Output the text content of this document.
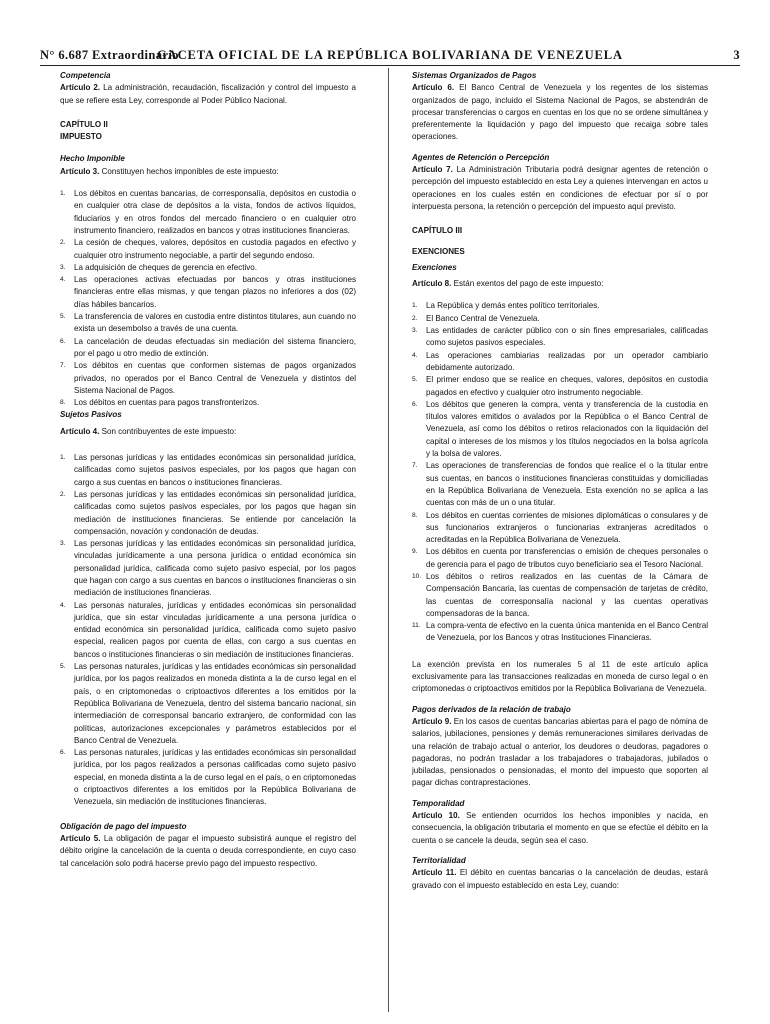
N° 6.687 Extraordinario
GACETA OFICIAL DE LA REPÚBLICA BOLIVARIANA DE VENEZUELA	3

Competencia

Artículo 2. La administración, recaudación, fiscalización y control del impuesto a que se refiere esta Ley, corresponde al Poder Público Nacional.

CAPÍTULO II

IMPUESTO

Hecho Imponible

Artículo 3. Constituyen hechos imponibles de este impuesto:

1. Los débitos en cuentas bancarias, de corresponsalía, depósitos en custodia o en cualquier otra clase de depósitos a la vista, fondos de activos líquidos, fiduciarios y en otros fondos del mercado financiero o en cualquier otro instrumento financiero, realizados en bancos y otras instituciones financieras.
2. La cesión de cheques, valores, depósitos en custodia pagados en efectivo y cualquier otro instrumento negociable, a partir del segundo endoso.
3. La adquisición de cheques de gerencia en efectivo.
4. Las operaciones activas efectuadas por bancos y otras instituciones financieras entre ellas mismas, y que tengan plazos no inferiores a dos (02) días hábiles bancarios.
5. La transferencia de valores en custodia entre distintos titulares, aun cuando no exista un desembolso a través de una cuenta.
6. La cancelación de deudas efectuadas sin mediación del sistema financiero, por el pago u otro medio de extinción.
7. Los débitos en cuentas que conformen sistemas de pagos organizados privados, no operados por el Banco Central de Venezuela y distintos del Sistema Nacional de Pagos.
8. Los débitos en cuentas para pagos transfronterizos.

Sujetos Pasivos

Artículo 4. Son contribuyentes de este impuesto:

1. Las personas jurídicas y las entidades económicas sin personalidad jurídica, calificadas como sujetos pasivos especiales, por los pagos que hagan con cargo a sus cuentas en bancos o instituciones financieras.
2. Las personas jurídicas y las entidades económicas sin personalidad jurídica, calificadas como sujetos pasivos especiales, por los pagos que hagan sin mediación de instituciones financieras. Se entiende por cancelación la compensación, novación y condonación de deudas.
3. Las personas jurídicas y las entidades económicas sin personalidad jurídica, vinculadas jurídicamente a una persona jurídica o entidad económica sin personalidad jurídica, calificada como sujeto pasivo especial, por los pagos que hagan con cargo a sus cuentas en bancos o instituciones financieras o sin mediación de instituciones financieras.
4. Las personas naturales, jurídicas y entidades económicas sin personalidad jurídica, que sin estar vinculadas jurídicamente a una persona jurídica o entidad económica sin personalidad jurídica, calificada como sujeto pasivo especial, realicen pagos por cuenta de ellas, con cargo a sus cuentas en bancos o instituciones financieras o sin mediación de instituciones financieras.
5. Las personas naturales, jurídicas y las entidades económicas sin personalidad jurídica, por los pagos realizados en moneda distinta a la de curso legal en el país, o en criptomonedas o criptoactivos diferentes a los emitidos por la República Bolivariana de Venezuela, dentro del sistema bancario nacional, sin intermediación de corresponsal bancario extranjero, de conformidad con las políticas, autorizaciones excepcionales y parámetros establecidos por el Banco Central de Venezuela.
6. Las personas naturales, jurídicas y las entidades económicas sin personalidad jurídica, por los pagos realizados a personas calificadas como sujeto pasivo especial, en moneda distinta a la de curso legal en el país, o en criptomonedas o criptoactivos diferentes a los emitidos por la República Bolivariana de Venezuela, sin mediación de instituciones financieras.

Obligación de pago del impuesto

Artículo 5. La obligación de pagar el impuesto subsistirá aunque el registro del débito origine la cancelación de la cuenta o deuda correspondiente, en cuyo caso tal cancelación solo podrá hacerse previo pago del impuesto respectivo.

Sistemas Organizados de Pagos

Artículo 6. El Banco Central de Venezuela y los regentes de los sistemas organizados de pago, incluido el Sistema Nacional de Pagos, se abstendrán de procesar transferencias o cargos en cuentas en los que no se ordene simultánea y preferentemente la liquidación y pago del impuesto que recaiga sobre tales operaciones.

Agentes de Retención o Percepción

Artículo 7. La Administración Tributaria podrá designar agentes de retención o percepción del impuesto establecido en esta Ley a quienes intervengan en actos u operaciones en los cuales estén en condiciones de efectuar por sí o por interpuesta persona, la retención o percepción del impuesto aquí previsto.

CAPÍTULO III

EXENCIONES

Exenciones

Artículo 8. Están exentos del pago de este impuesto:

1. La República y demás entes político territoriales.
2. El Banco Central de Venezuela.
3. Las entidades de carácter público con o sin fines empresariales, calificadas como sujetos pasivos especiales.
4. Las operaciones cambiarias realizadas por un operador cambiario debidamente autorizado.
5. El primer endoso que se realice en cheques, valores, depósitos en custodia pagados en efectivo y cualquier otro instrumento negociable.
6. Los débitos que generen la compra, venta y transferencia de la custodia en títulos valores emitidos o avalados por la República o el Banco Central de Venezuela, así como los débitos o retiros relacionados con la liquidación del capital o intereses de los mismos y los títulos negociados en la bolsa agrícola y la bolsa de valores.
7. Las operaciones de transferencias de fondos que realice el o la titular entre sus cuentas, en bancos o instituciones financieras constituidas y domiciliadas en la República Bolivariana de Venezuela. Esta exención no se aplica a las cuentas con más de un o una titular.
8. Los débitos en cuentas corrientes de misiones diplomáticas o consulares y de sus funcionarios extranjeros o funcionarias extranjeras acreditados o acreditadas en la República Bolivariana de Venezuela.
9. Los débitos en cuenta por transferencias o emisión de cheques personales o de gerencia para el pago de tributos cuyo beneficiario sea el Tesoro Nacional.
10. Los débitos o retiros realizados en las cuentas de la Cámara de Compensación Bancaria, las cuentas de compensación de tarjetas de crédito, las cuentas de corresponsalía nacional y las cuentas operativas compensadoras de la banca.
11. La compra-venta de efectivo en la cuenta única mantenida en el Banco Central de Venezuela, por los Bancos y otras Instituciones Financieras.

La exención prevista en los numerales 5 al 11 de este artículo aplica exclusivamente para las transacciones realizadas en moneda de curso legal o en criptomonedas o criptoactivos emitidos por la República Bolivariana de Venezuela.

Pagos derivados de la relación de trabajo

Artículo 9. En los casos de cuentas bancarias abiertas para el pago de nómina de salarios, jubilaciones, pensiones y demás remuneraciones similares derivadas de una relación de trabajo actual o anterior, los deudores o deudoras, pagadores o pagadoras, no podrán trasladar a los trabajadores o trabajadoras, jubilados o jubiladas, pensionados o pensionadas, el monto del impuesto que soporten al pagar dichas contraprestaciones.

Temporalidad

Artículo 10. Se entienden ocurridos los hechos imponibles y nacida, en consecuencia, la obligación tributaria el momento en que se efectúe el débito en la cuenta o se cancele la deuda, según sea el caso.

Territorialidad

Artículo 11. El débito en cuentas bancarias o la cancelación de deudas, estará gravado con el impuesto establecido en esta Ley, cuando:
